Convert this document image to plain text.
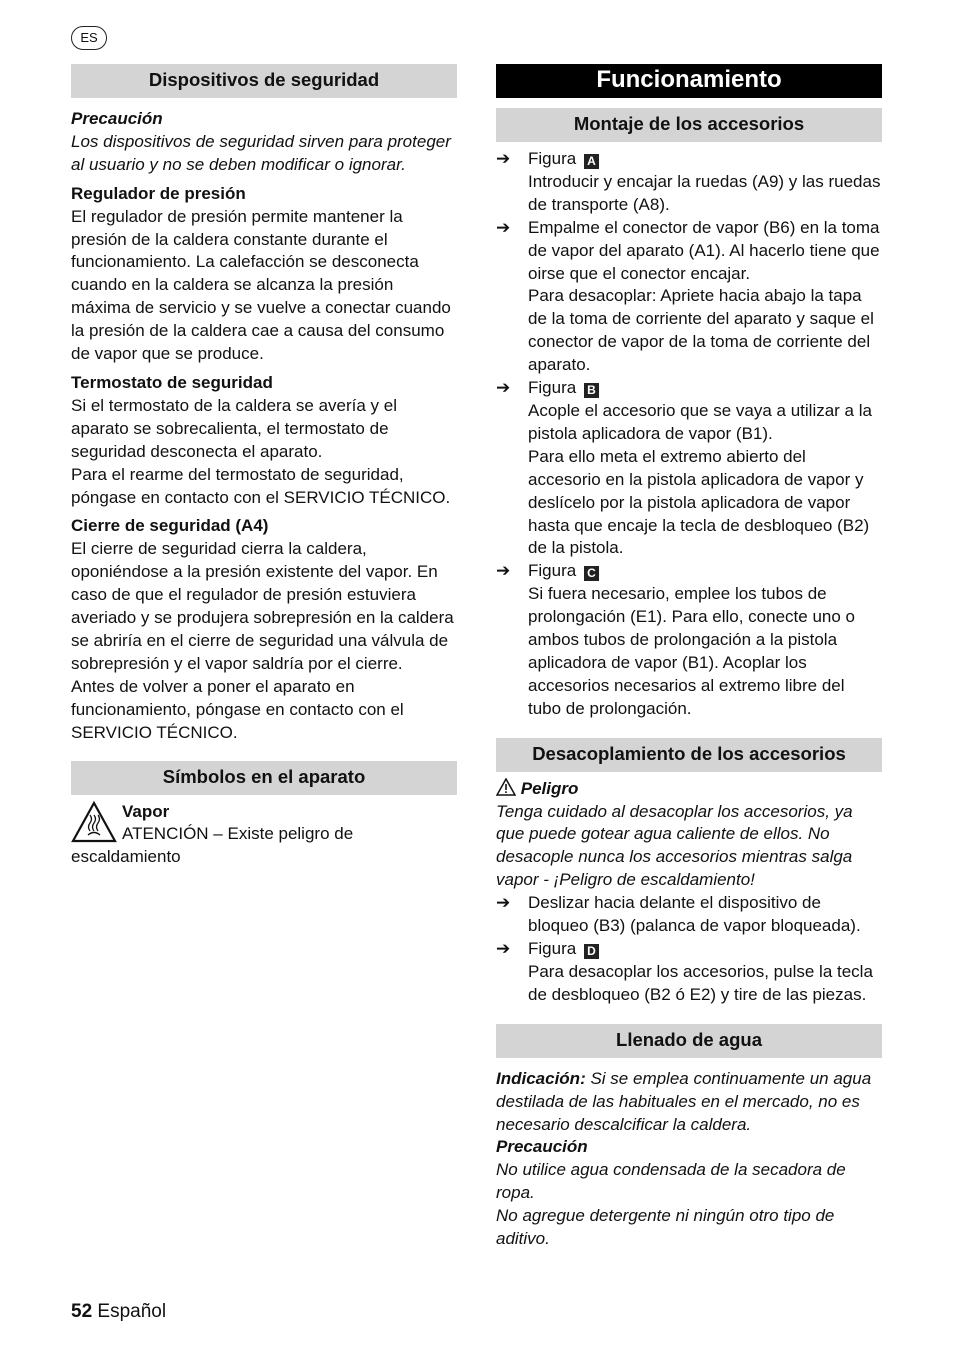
ES
Dispositivos de seguridad

Precaución

Los dispositivos de seguridad sirven para proteger al usuario y no se deben modificar o ignorar.

Regulador de presión

El regulador de presión permite mantener la presión de la caldera constante durante el funcionamiento. La calefacción se desconecta cuando en la caldera se alcanza la presión máxima de servicio y se vuelve a conectar cuando la presión de la caldera cae a causa del consumo de vapor que se produce.

Termostato de seguridad

Si el termostato de la caldera se avería y el aparato se sobrecalienta, el termostato de seguridad desconecta el aparato.

Para el rearme del termostato de seguridad, póngase en contacto con el SERVICIO TÉCNICO.

Cierre de seguridad (A4)

El cierre de seguridad cierra la caldera, oponiéndose a la presión existente del vapor. En caso de que el regulador de presión estuviera averiado y se produjera sobrepresión en la caldera se abriría en el cierre de seguridad una válvula de sobrepresión y el vapor saldría por el cierre.

Antes de volver a poner el aparato en funcionamiento, póngase en contacto con el SERVICIO TÉCNICO.

Símbolos en el aparato

Vapor

ATENCIÓN – Existe peligro de escaldamiento

Funcionamiento
Montaje de los accesorios
➔	Figura A

Introducir y encajar la ruedas (A9) y las ruedas de transporte (A8).

➔	Empalme el conector de vapor (B6) en la toma de vapor del aparato (A1). Al hacerlo tiene que oirse que el conector encajar.

Para desacoplar: Apriete hacia abajo la tapa de la toma de corriente del aparato y saque el conector de vapor de la toma de corriente del aparato.

➔	Figura B

Acople el accesorio que se vaya a utilizar a la pistola aplicadora de vapor (B1).

Para ello meta el extremo abierto del accesorio en la pistola aplicadora de vapor y deslícelo por la pistola aplicadora de vapor hasta que encaje la tecla de desbloqueo (B2) de la pistola.

➔	Figura C

Si fuera necesario, emplee los tubos de prolongación (E1). Para ello, conecte uno o ambos tubos de prolongación a la pistola aplicadora de vapor (B1). Acoplar los accesorios necesarios al extremo libre del tubo de prolongación.

Desacoplamiento de los accesorios

Peligro

Tenga cuidado al desacoplar los accesorios, ya que puede gotear agua caliente de ellos. No desacople nunca los accesorios mientras salga vapor - ¡Peligro de escaldamiento!

➔	Deslizar hacia delante el dispositivo de bloqueo (B3) (palanca de vapor bloqueada).

➔	Figura D

Para desacoplar los accesorios, pulse la tecla de desbloqueo (B2 ó E2) y tire de las piezas.

Llenado de agua

Indicación: Si se emplea continuamente un agua destilada de las habituales en el mercado, no es necesario descalcificar la caldera.

Precaución

No utilice agua condensada de la secadora de ropa.

No agregue detergente ni ningún otro tipo de aditivo.

52 Español
